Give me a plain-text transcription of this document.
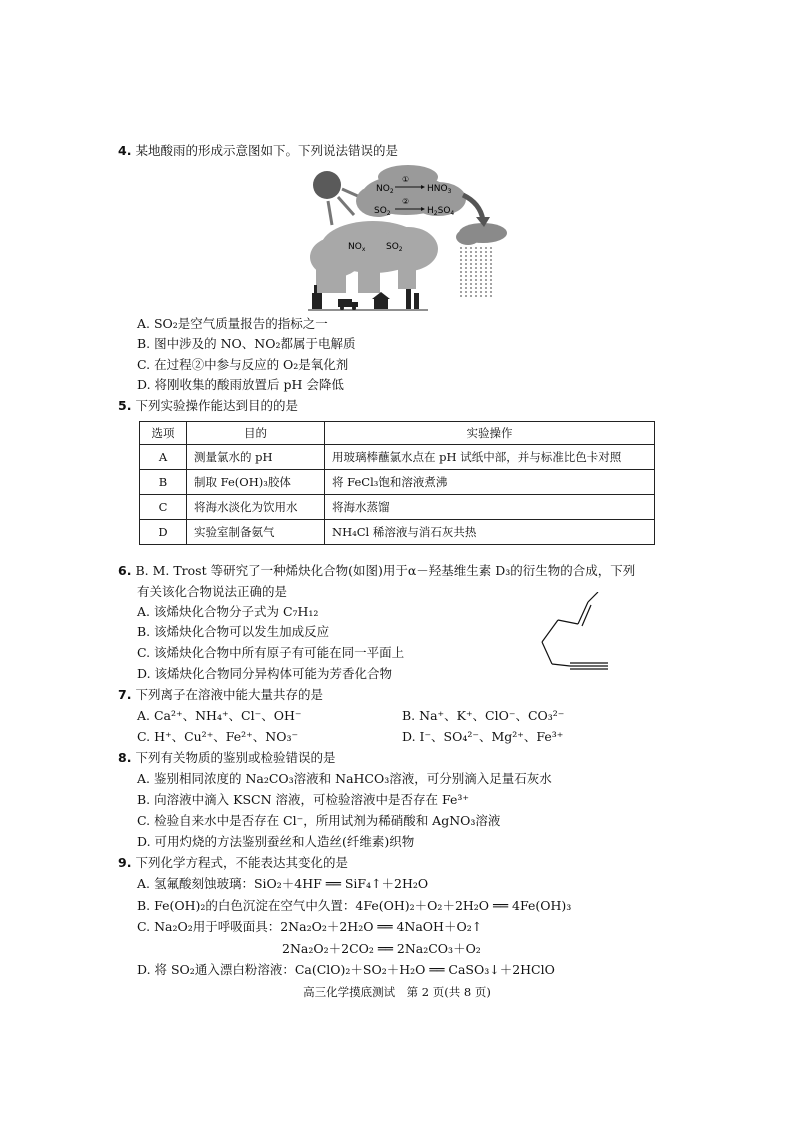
4. 某地酸雨的形成示意图如下。下列说法错误的是
$NO_2$
①
$HNO_3$
$SO_2$
②
$H_2SO_4$
$NO_x$ $SO_2$
A. SO₂是空气质量报告的指标之一
B. 图中涉及的 NO、NO₂都属于电解质
C. 在过程②中参与反应的 O₂是氧化剂
D. 将刚收集的酸雨放置后 pH 会降低
5. 下列实验操作能达到目的的是
选项	目的	实验操作
A	测量氯水的 pH	用玻璃棒蘸氯水点在 pH 试纸中部，并与标准比色卡对照
B	制取 Fe(OH)₃胶体	将 FeCl₃饱和溶液煮沸
C	将海水淡化为饮用水	将海水蒸馏
D	实验室制备氨气	NH₄Cl 稀溶液与消石灰共热
6. B. M. Trost 等研究了一种烯炔化合物(如图)用于α－羟基维生素 D₃的衍生物的合成，下列
有关该化合物说法正确的是
A. 该烯炔化合物分子式为 C₇H₁₂
B. 该烯炔化合物可以发生加成反应
C. 该烯炔化合物中所有原子有可能在同一平面上
D. 该烯炔化合物同分异构体可能为芳香化合物
7. 下列离子在溶液中能大量共存的是
A. Ca²⁺、NH₄⁺、Cl⁻、OH⁻	B. Na⁺、K⁺、ClO⁻、CO₃²⁻
C. H⁺、Cu²⁺、Fe²⁺、NO₃⁻	D. I⁻、SO₄²⁻、Mg²⁺、Fe³⁺
8. 下列有关物质的鉴别或检验错误的是
A. 鉴别相同浓度的 Na₂CO₃溶液和 NaHCO₃溶液，可分别滴入足量石灰水
B. 向溶液中滴入 KSCN 溶液，可检验溶液中是否存在 Fe³⁺
C. 检验自来水中是否存在 Cl⁻，所用试剂为稀硝酸和 AgNO₃溶液
D. 可用灼烧的方法鉴别蚕丝和人造丝(纤维素)织物
9. 下列化学方程式，不能表达其变化的是
A. 氢氟酸刻蚀玻璃：SiO₂＋4HF ══ SiF₄↑＋2H₂O
B. Fe(OH)₂的白色沉淀在空气中久置：4Fe(OH)₂＋O₂＋2H₂O ══ 4Fe(OH)₃
C. Na₂O₂用于呼吸面具：2Na₂O₂＋2H₂O ══ 4NaOH＋O₂↑
2Na₂O₂＋2CO₂ ══ 2Na₂CO₃＋O₂
D. 将 SO₂通入漂白粉溶液：Ca(ClO)₂＋SO₂＋H₂O ══ CaSO₃↓＋2HClO
高三化学摸底测试　第 2 页(共 8 页)
